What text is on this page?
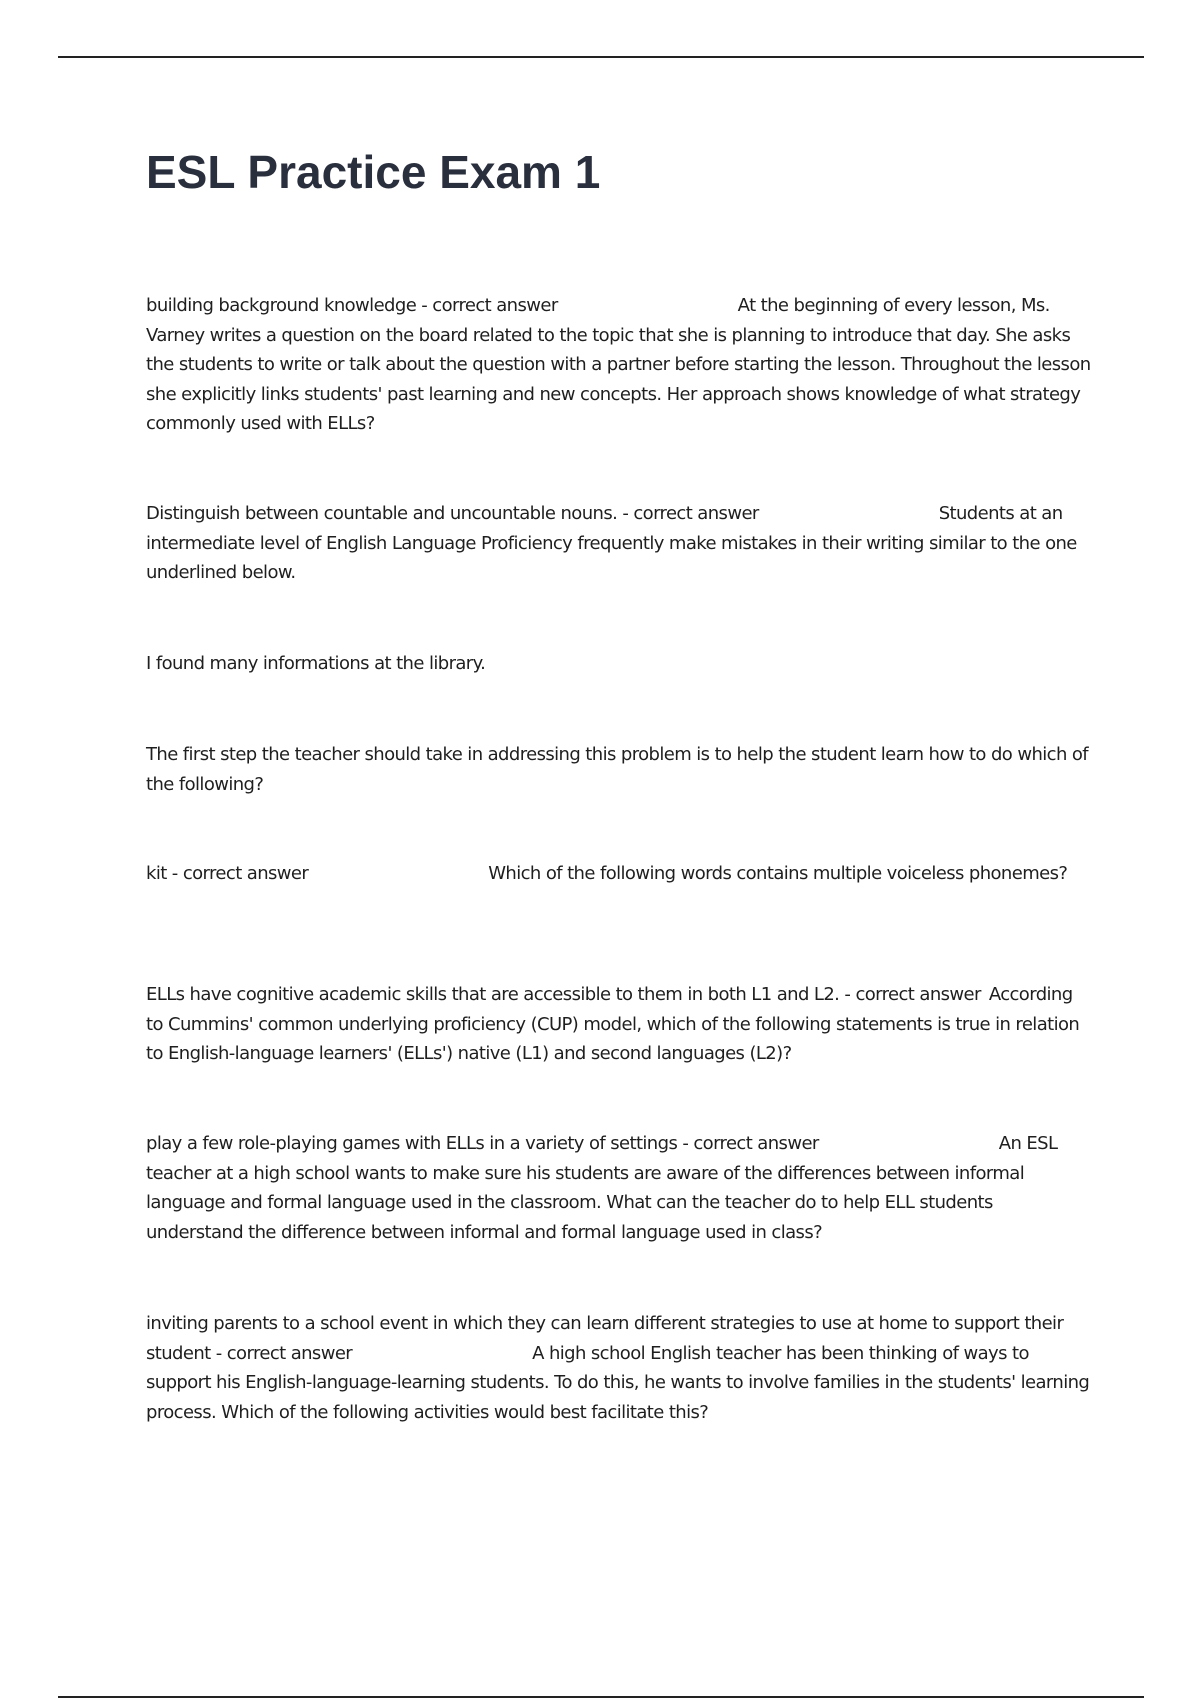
ESL Practice Exam 1

building background knowledge - correct answer	At the beginning of every lesson, Ms. Varney writes a question on the board related to the topic that she is planning to introduce that day. She asks the students to write or talk about the question with a partner before starting the lesson. Throughout the lesson she explicitly links students' past learning and new concepts. Her approach shows knowledge of what strategy commonly used with ELLs?

Distinguish between countable and uncountable nouns. - correct answer	Students at an intermediate level of English Language Proficiency frequently make mistakes in their writing similar to the one underlined below.

I found many informations at the library.

The first step the teacher should take in addressing this problem is to help the student learn how to do which of the following?

kit - correct answer	Which of the following words contains multiple voiceless phonemes?

ELLs have cognitive academic skills that are accessible to them in both L1 and L2. - correct answer According to Cummins' common underlying proficiency (CUP) model, which of the following statements is true in relation to English-language learners' (ELLs') native (L1) and second languages (L2)?

play a few role-playing games with ELLs in a variety of settings - correct answer	An ESL teacher at a high school wants to make sure his students are aware of the differences between informal language and formal language used in the classroom. What can the teacher do to help ELL students understand the difference between informal and formal language used in class?

inviting parents to a school event in which they can learn different strategies to use at home to support their student - correct answer	A high school English teacher has been thinking of ways to support his English-language-learning students. To do this, he wants to involve families in the students' learning process. Which of the following activities would best facilitate this?
